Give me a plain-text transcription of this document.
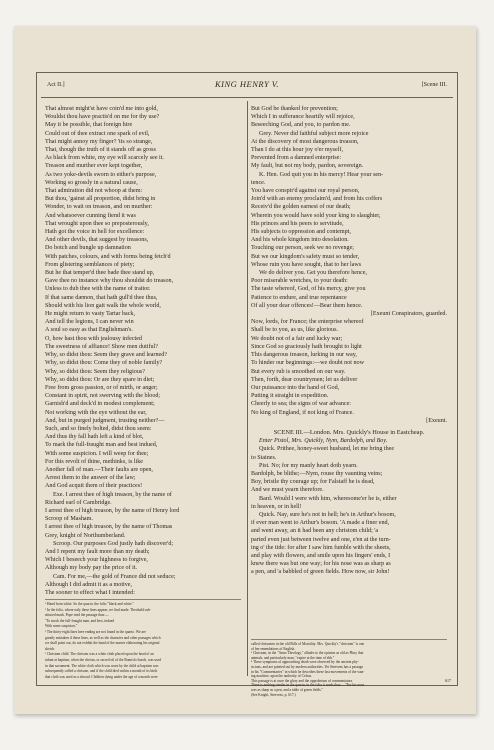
Act II.]	KING HENRY V.	[Scene III.

That almost might'st have coin'd me into gold,

Wouldst thou have practis'd on me for thy use?

May it be possible, that foreign hire

Could out of thee extract one spark of evil,

That might annoy my finger? 'tis so strange,

That, though the truth of it stands off as gross

As black from white, my eye will scarcely see it.

Treason and murther ever kept together,

As two yoke-devils sworn to either's purpose,

Working so grossly in a natural cause,

That admiration did not whoop at them:

But thou, 'gainst all proportion, didst bring in

Wonder, to wait on treason, and on murther:

And whatsoever cunning fiend it was

That wrought upon thee so preposterously,

Hath got the voice in hell for excellence:

And other devils, that suggest by treasons,

Do botch and bungle up damnation

With patches, colours, and with forms being fetch'd

From glistering semblances of piety;

But he that temper'd thee bade thee stand up,

Gave thee no instance why thou shouldst do treason,

Unless to dub thee with the name of traitor.

If that same dæmon, that hath gull'd thee thus,

Should with his lion gait walk the whole world,

He might return to vasty Tartar back,

And tell the legions, I can never win

A soul so easy as that Englishman's.

O, how hast thou with jealousy infected

The sweetness of affiance! Show men dutiful?

Why, so didst thou: Seem they grave and learned?

Why, so didst thou: Come they of noble family?

Why, so didst thou: Seem they religious?

Why, so didst thou: Or are they spare in diet;

Free from gross passion, or of mirth, or anger;

Constant in spirit, not swerving with the blood;

Garnish'd and deck'd in modest complement;

Not working with the eye without the ear,

And, but in purged judgment, trusting neither?—

Such, and so finely bolted, didst thou seem:

And thus thy fall hath left a kind of blot,

To mark the full-fraught man and best indued,

With some suspicion. I will weep for thee;

For this revolt of thine, methinks, is like

Another fall of man.—Their faults are open,

Arrest them to the answer of the law;

And God acquit them of their practices!

Exe. I arrest thee of high treason, by the name of

Richard earl of Cambridge.

I arrest thee of high treason, by the name of Henry lord

Scroop of Masham.

I arrest thee of high treason, by the name of Thomas

Grey, knight of Northumberland.

Scroop. Our purposes God justly hath discover'd;

And I repent my fault more than my death;

Which I beseech your highness to forgive,

Although my body pay the price of it.

Cam. For me,—the gold of France did not seduce;

Although I did admit it as a motive,

The sooner to effect what I intended:

But God be thanked for prevention;

Which I in sufferance heartily will rejoice,

Beseeching God, and you, to pardon me.

Grey. Never did faithful subject more rejoice

At the discovery of most dangerous treason,

Than I do at this hour joy o'er myself,

Prevented from a damned enterprise:

My fault, but not my body, pardon, sovereign.

K. Hen. God quit you in his mercy! Hear your sen-

tence.

You have conspir'd against our royal person,

Join'd with an enemy proclaim'd, and from his coffers

Receiv'd the golden earnest of our death;

Wherein you would have sold your king to slaughter,

His princes and his peers to servitude,

His subjects to oppression and contempt,

And his whole kingdom into desolation.

Touching our person, seek we no revenge;

But we our kingdom's safety must so tender,

Whose ruin you have sought, that to her laws

We do deliver you. Get you therefore hence,

Poor miserable wretches, to your death:

The taste whereof, God, of his mercy, give you

Patience to endure, and true repentance

Of all your dear offences!—Bear them hence.

[Exeunt Conspirators, guarded.

Now, lords, for France; the enterprise whereof

Shall be to you, as us, like glorious.

We doubt not of a fair and lucky war;

Since God so graciously hath brought to light

This dangerous treason, lurking in our way,

To hinder our beginnings:—we doubt not now

But every rub is smoothed on our way.

Then, forth, dear countrymen; let us deliver

Our puissance into the hand of God,

Putting it straight in expedition.

Cheerly to sea; the signs of war advance:

No king of England, if not king of France.

[Exeunt.

SCENE III.—London. Mrs. Quickly's House in Eastcheap.

Enter Pistol, Mrs. Quickly, Nym, Bardolph, and Boy.

Quick. Prithee, honey-sweet husband, let me bring thee

to Staines.

Pist. No; for my manly heart doth yearn.

Bardolph, be blithe;—Nym, rouse thy vaunting veins;

Boy, bristle thy courage up; for Falstaff he is dead,

And we must yearn therefore.

Bard. Would I were with him, wheresome'er he is, either

in heaven, or in hell!

Quick. Nay, sure he's not in hell; he's in Arthur's bosom,

if ever man went to Arthur's bosom. 'A made a finer end,

and went away, an it had been any christom child; 'a

parted even just between twelve and one, e'en at the turn-

ing o' the tide: for after I saw him fumble with the sheets,

and play with flowers, and smile upon his fingers' ends, I

knew there was but one way; for his nose was as sharp as

a pen, and 'a babbled of green fields. How now, sir John!

¹ Hand from white. So the quarto; the folio "black and white."

² In the folio, where only these lines appear, we find made. Theobald sub-

stituted mark. Pope read the passage thus:—

"To mock the full-fraught man, and best, indued

With some suspicion."

¹ The thirty-eight lines here ending are not found in the quarto. We are

greatly mistaken if these lines, as well as the character and other passages which

we shall point out, do not exhibit the hand of the master elaborating his original

sketch.

² Christom child. The chrisom was a white cloth placed upon the head of an

infant at baptism, when the chrism, or sacred oil of the Romish church, was used

in that sacrament. The white cloth which was worn by the child at baptism was

subsequently called a chrisom, and if the child died within a month of its birth

that cloth was used as a shroud. Children dying under the age of a month were

called chrisomes in the old Bills of Mortality. Mrs. Quickly's "christom" is one

of her emendations of English.

³ Christom, in the "Anno Theology," alludes to the opinion as old as Pliny that

animals, and particularly man, "expire at the time of ebb."

⁴ These symptoms of approaching death were observed by the ancient phy-

sicians, and are pointed out by modern authorities. Yet Steevens has a passage

in his "Commentaries" in which he describes these last movements of the wan-

ing machine, upon the authority of Celsus.

This passage is at once the glory and the opprobrium of commentators.

There is nothing similar in the quarto; in the folio it reads thus:—"For his nose

was as sharp as a pen, and a table of green fields."

(See Knight, Steevens, p. 617.)

617
